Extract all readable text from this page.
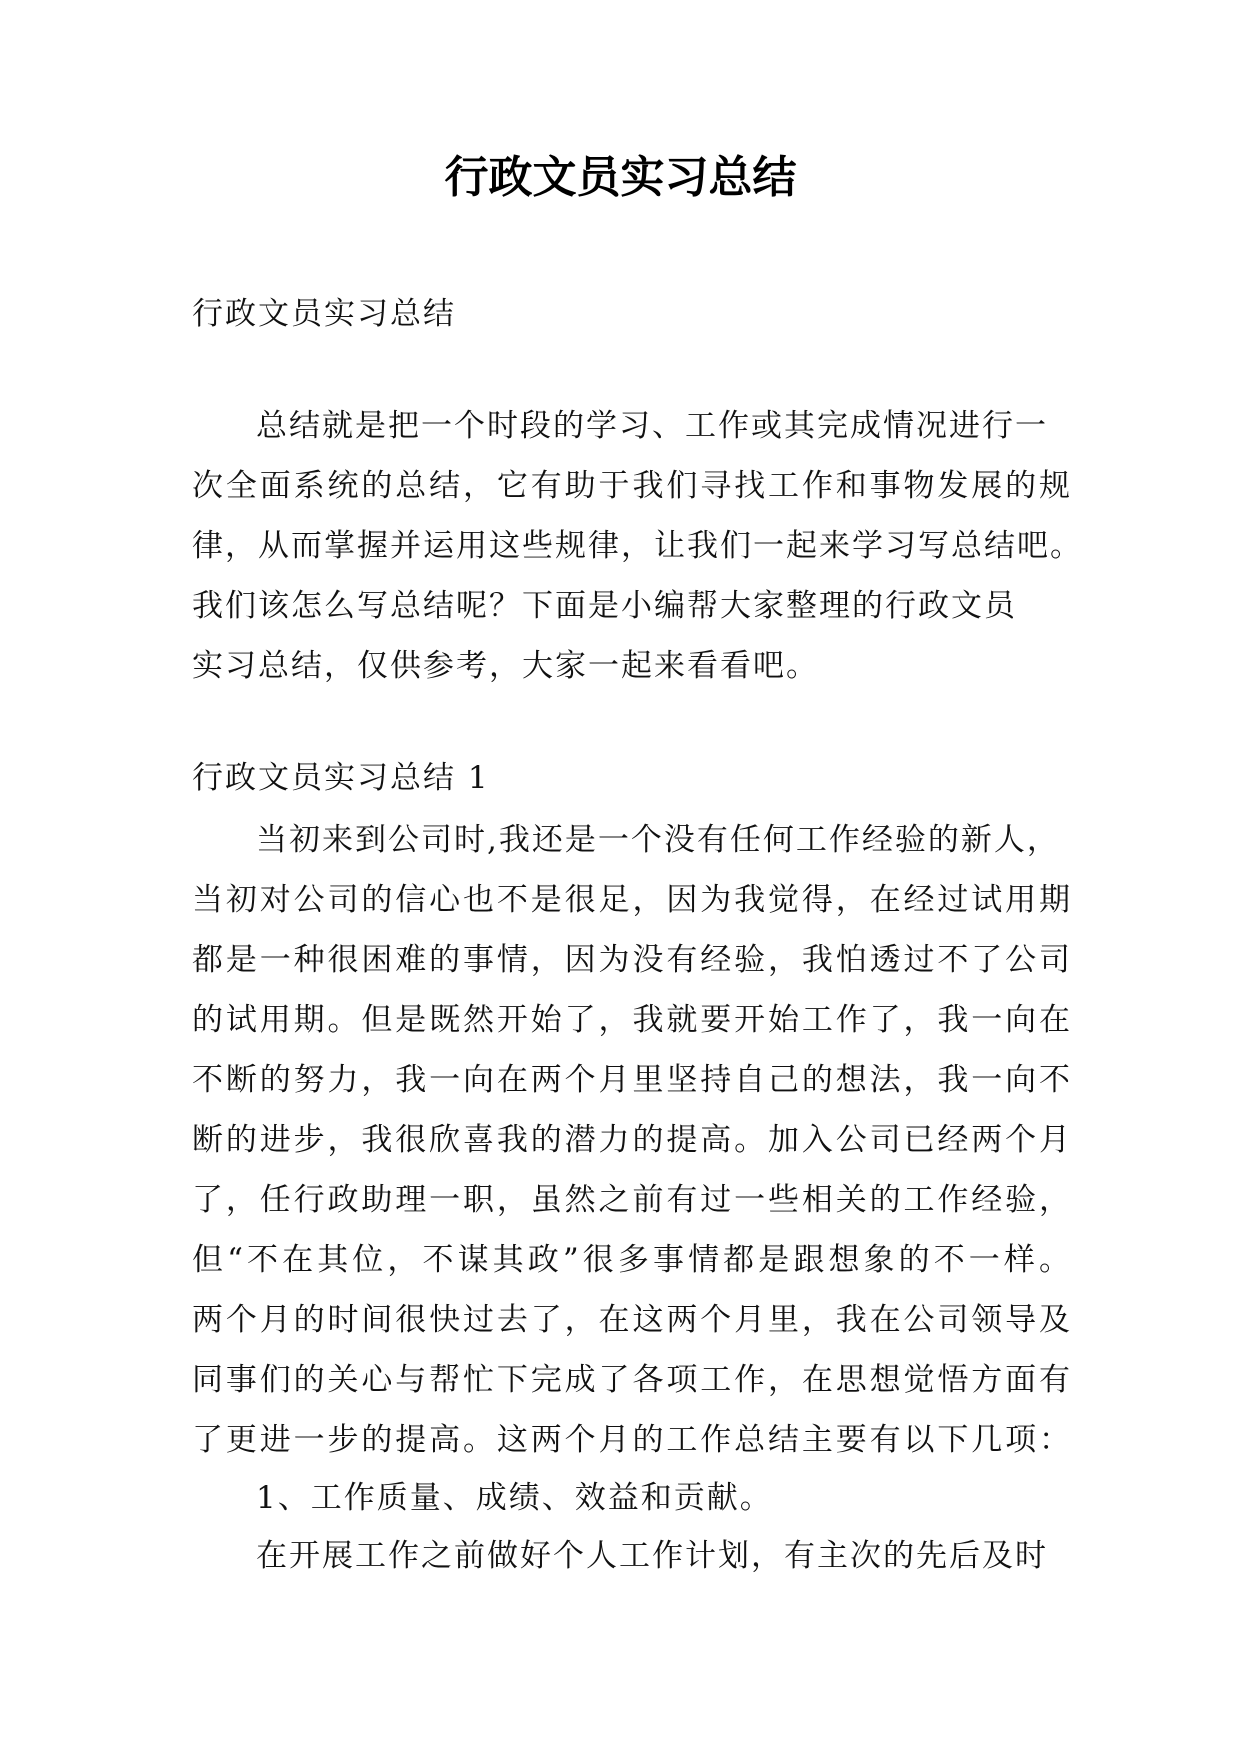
行政文员实习总结
行政文员实习总结
总结就是把一个时段的学习、工作或其完成情况进行一
次全面系统的总结，它有助于我们寻找工作和事物发展的规
律，从而掌握并运用这些规律，让我们一起来学习写总结吧。
我们该怎么写总结呢？下面是小编帮大家整理的行政文员
实习总结，仅供参考，大家一起来看看吧。
行政文员实习总结 1
当初来到公司时,我还是一个没有任何工作经验的新人，
当初对公司的信心也不是很足，因为我觉得，在经过试用期
都是一种很困难的事情，因为没有经验，我怕透过不了公司
的试用期。但是既然开始了，我就要开始工作了，我一向在
不断的努力，我一向在两个月里坚持自己的想法，我一向不
断的进步，我很欣喜我的潜力的提高。加入公司已经两个月
了，任行政助理一职，虽然之前有过一些相关的工作经验，
但“不在其位，不谋其政”很多事情都是跟想象的不一样。
两个月的时间很快过去了，在这两个月里，我在公司领导及
同事们的关心与帮忙下完成了各项工作，在思想觉悟方面有
了更进一步的提高。这两个月的工作总结主要有以下几项：
1、工作质量、成绩、效益和贡献。
在开展工作之前做好个人工作计划，有主次的先后及时
